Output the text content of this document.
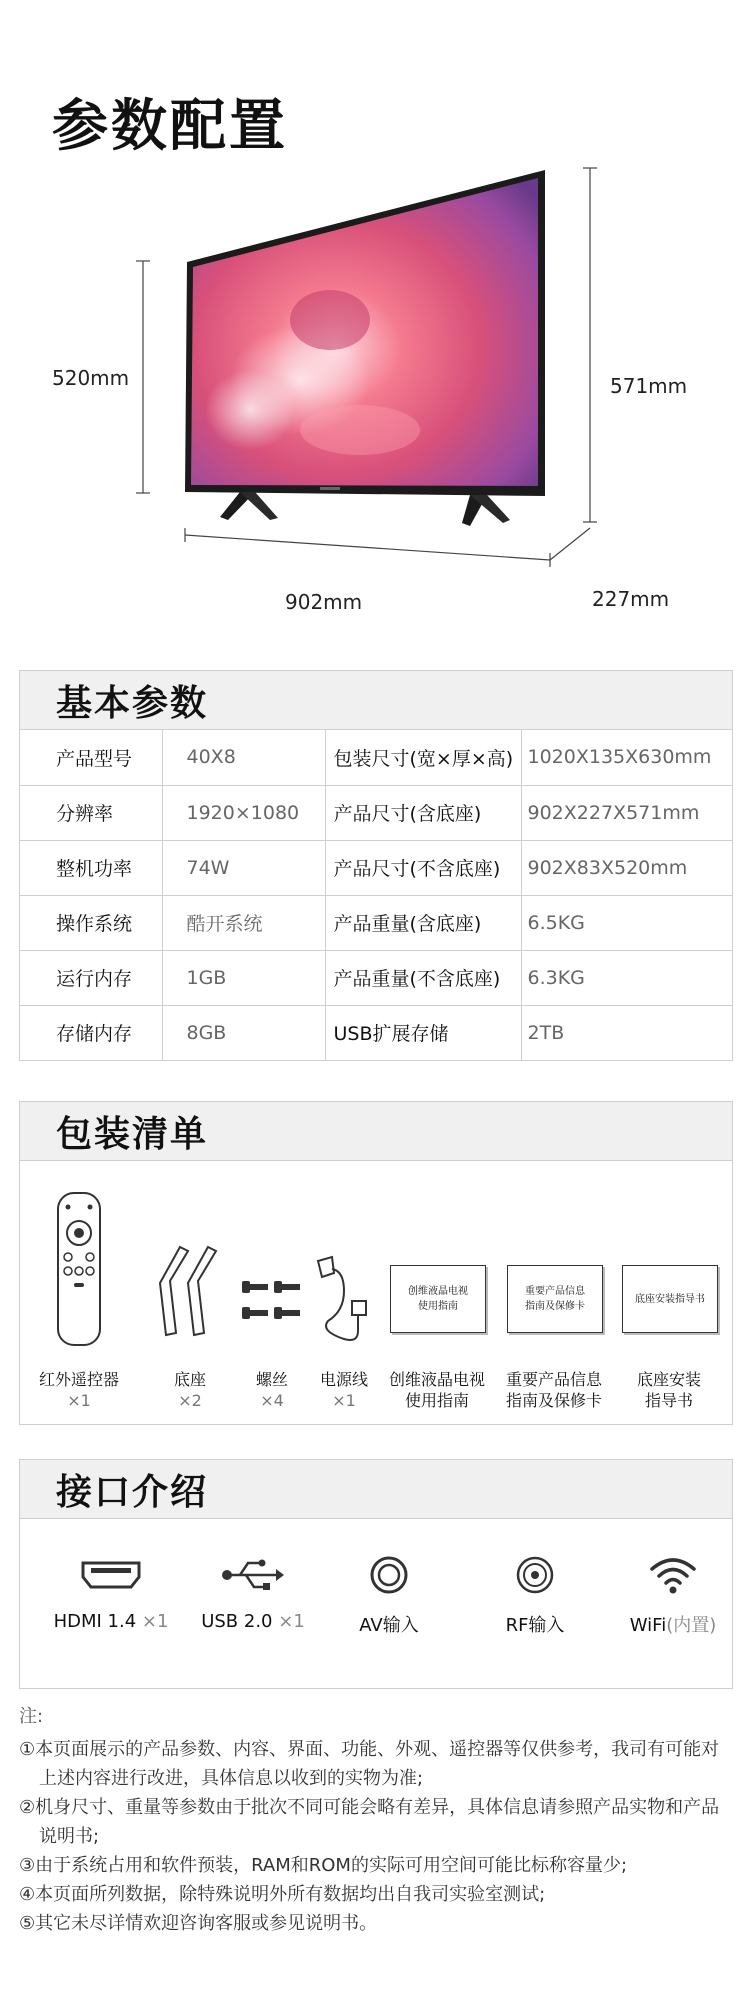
参数配置
520mm	571mm
902mm	227mm
基本参数
产品型号	40X8	包装尺寸(宽×厚×高)	1020X135X630mm
分辨率	1920×1080	产品尺寸(含底座)	902X227X571mm
整机功率	74W	产品尺寸(不含底座)	902X83X520mm
操作系统	酷开系统	产品重量(含底座)	6.5KG
运行内存	1GB	产品重量(不含底座)	6.3KG
存储内存	8GB	USB扩展存储	2TB
包装清单
红外遥控器
×1
底座
×2
螺丝
×4
电源线
×1
创维液晶电视
使用指南
创维液晶电视
使用指南
重要产品信息
指南及保修卡
重要产品信息
指南及保修卡
底座安装指导书
底座安装
指导书
接口介绍
HDMI 1.4 ×1	USB 2.0 ×1	AV输入	RF输入	WiFi(内置)
注:
①本页面展示的产品参数、内容、界面、功能、外观、遥控器等仅供参考，我司有可能对上述内容进行改进，具体信息以收到的实物为准;
②机身尺寸、重量等参数由于批次不同可能会略有差异，具体信息请参照产品实物和产品说明书;
③由于系统占用和软件预装，RAM和ROM的实际可用空间可能比标称容量少;
④本页面所列数据，除特殊说明外所有数据均出自我司实验室测试;
⑤其它未尽详情欢迎咨询客服或参见说明书。
